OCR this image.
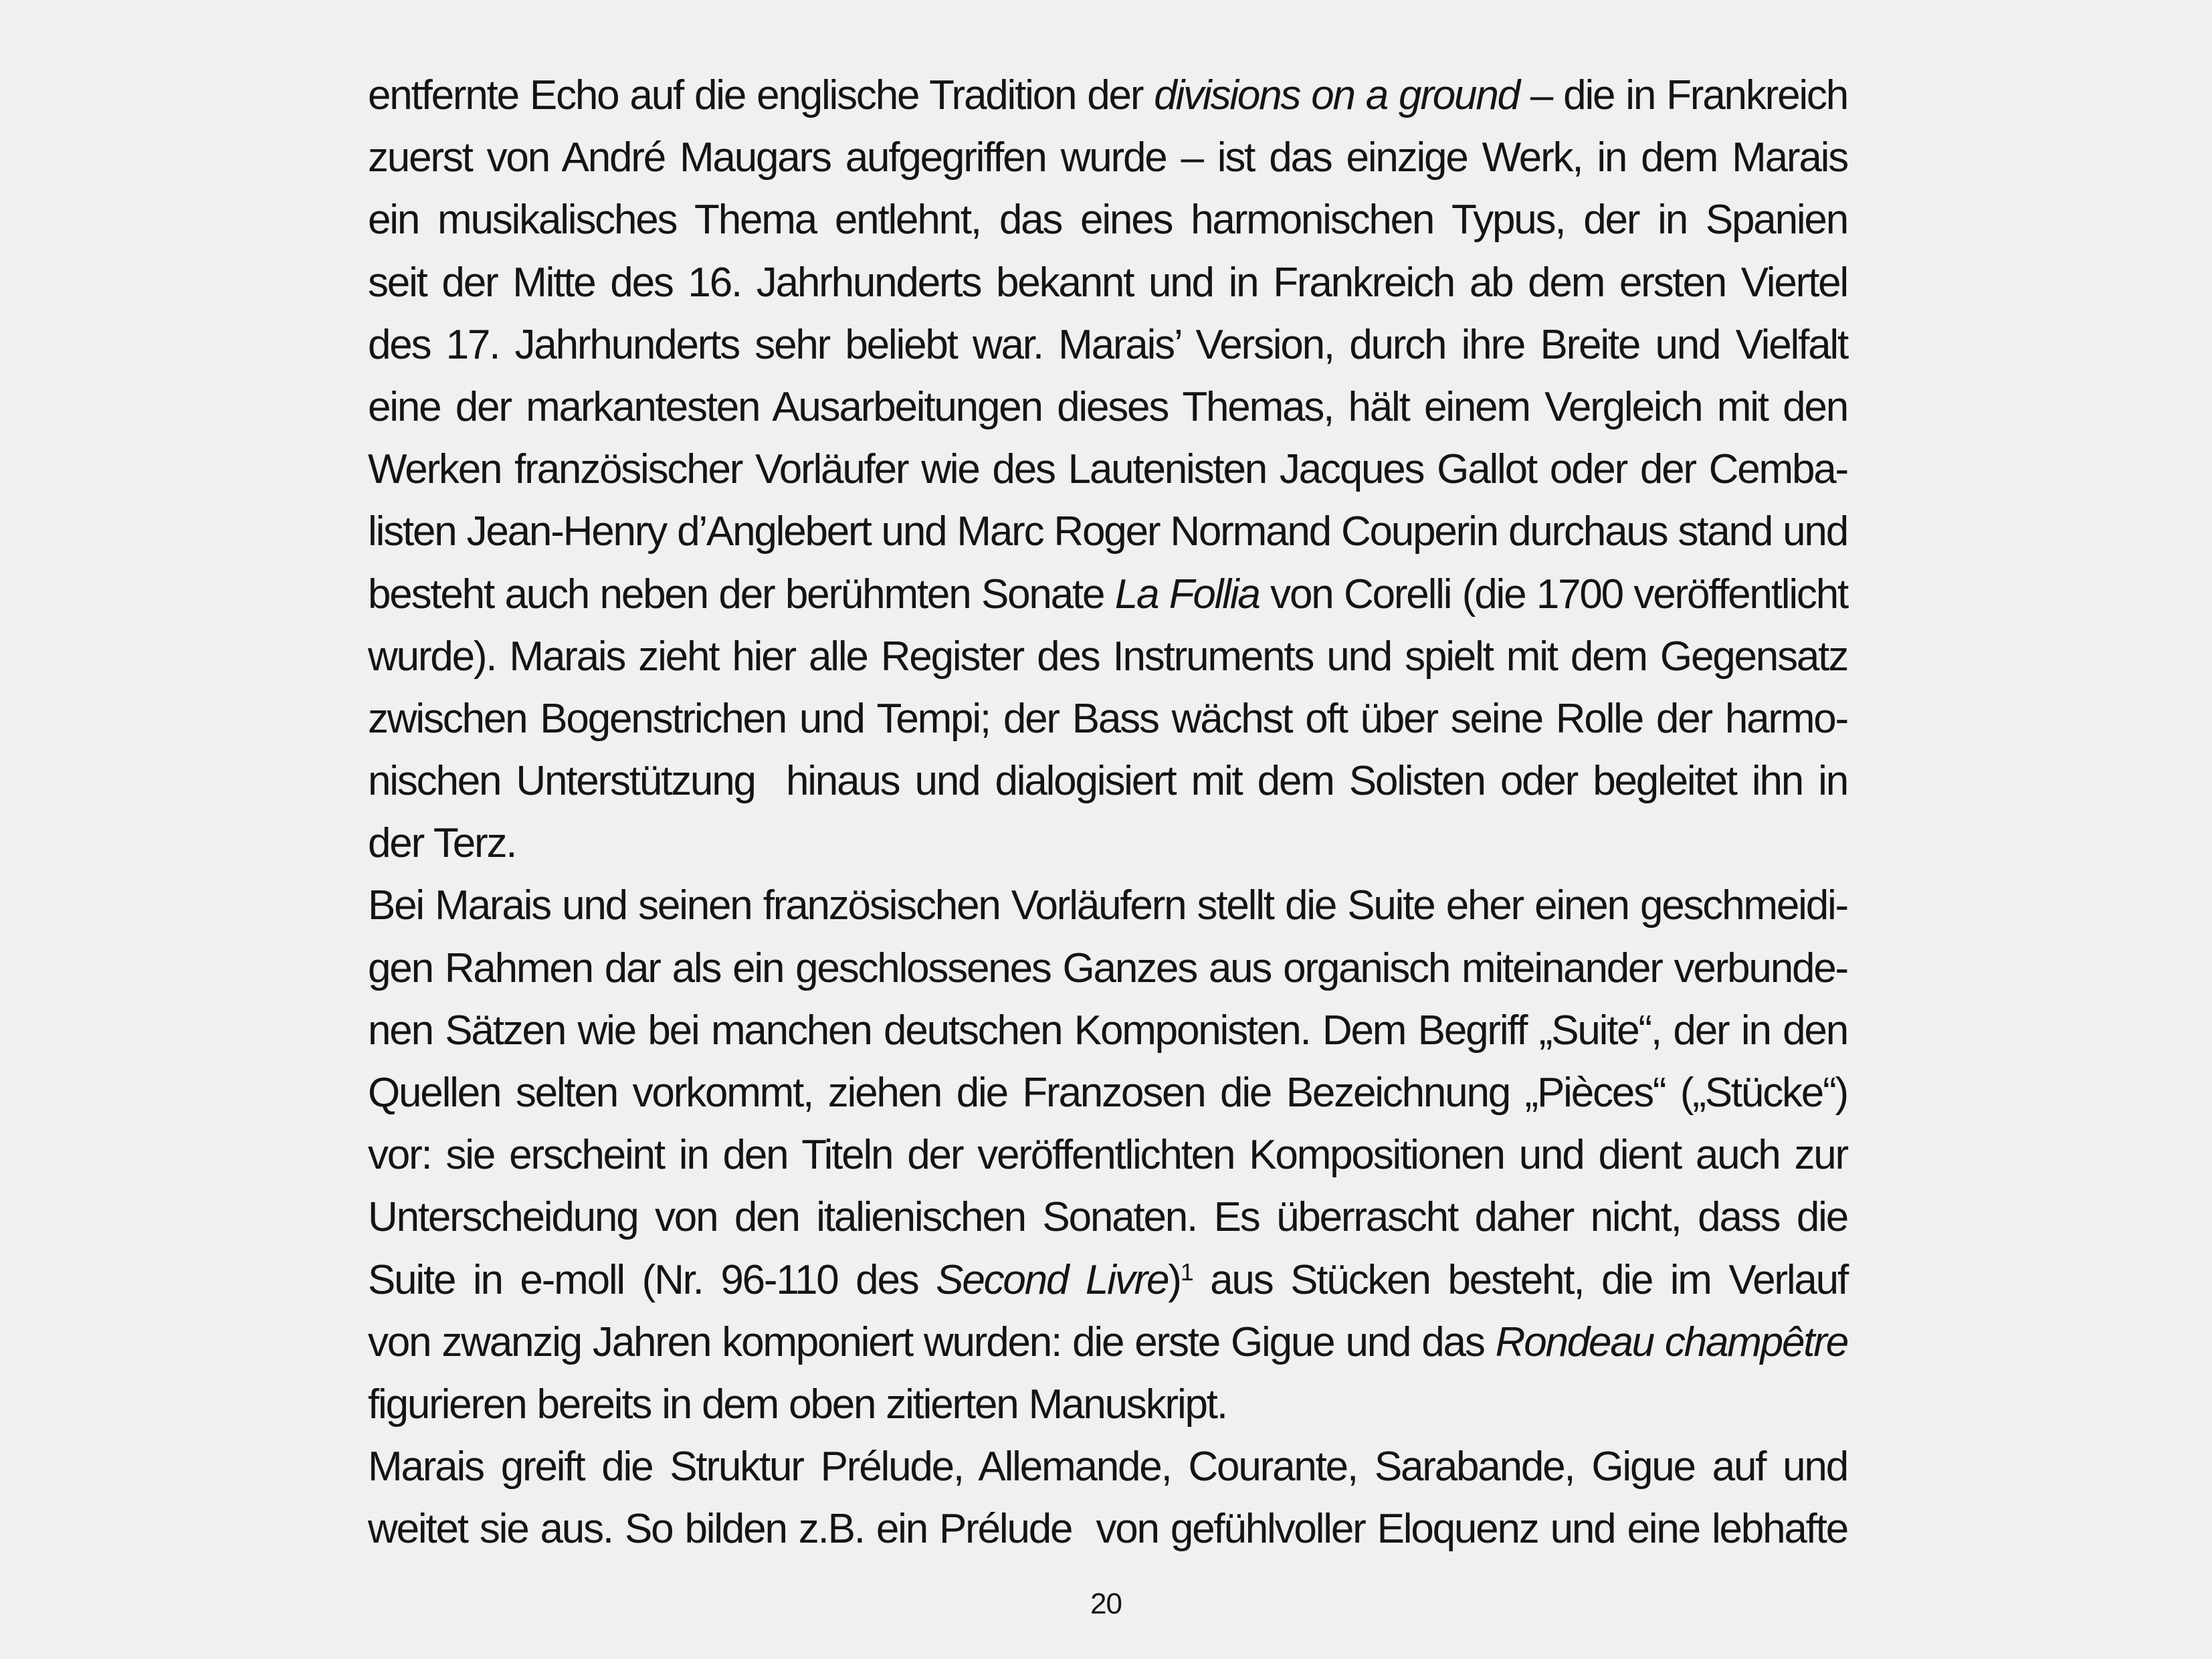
entfernte Echo auf die englische Tradition der divisions on a ground – die in Frankreich
zuerst von André Maugars aufgegriffen wurde – ist das einzige Werk, in dem Marais
ein musikalisches Thema entlehnt, das eines harmonischen Typus, der in Spanien
seit der Mitte des 16. Jahrhunderts bekannt und in Frankreich ab dem ersten Viertel
des 17. Jahrhunderts sehr beliebt war. Marais’ Version, durch ihre Breite und Vielfalt
eine der markantesten Ausarbeitungen dieses Themas, hält einem Vergleich mit den
Werken französischer Vorläufer wie des Lautenisten Jacques Gallot oder der Cemba-
listen Jean-Henry d’Anglebert und Marc Roger Normand Couperin durchaus stand und
besteht auch neben der berühmten Sonate La Follia von Corelli (die 1700 veröffentlicht
wurde). Marais zieht hier alle Register des Instruments und spielt mit dem Gegensatz
zwischen Bogenstrichen und Tempi; der Bass wächst oft über seine Rolle der harmo-
nischen Unterstützung  hinaus und dialogisiert mit dem Solisten oder begleitet ihn in
der Terz.
Bei Marais und seinen französischen Vorläufern stellt die Suite eher einen geschmeidi-
gen Rahmen dar als ein geschlossenes Ganzes aus organisch miteinander verbunde-
nen Sätzen wie bei manchen deutschen Komponisten. Dem Begriff „Suite“, der in den
Quellen selten vorkommt, ziehen die Franzosen die Bezeichnung „Pièces“ („Stücke“)
vor: sie erscheint in den Titeln der veröffentlichten Kompositionen und dient auch zur
Unterscheidung von den italienischen Sonaten. Es überrascht daher nicht, dass die
Suite in e-moll (Nr. 96-110 des Second Livre)$^1$ aus Stücken besteht, die im Verlauf
von zwanzig Jahren komponiert wurden: die erste Gigue und das Rondeau champêtre
figurieren bereits in dem oben zitierten Manuskript.
Marais greift die Struktur Prélude, Allemande, Courante, Sarabande, Gigue auf und
weitet sie aus. So bilden z.B. ein Prélude  von gefühlvoller Eloquenz und eine lebhafte
20
